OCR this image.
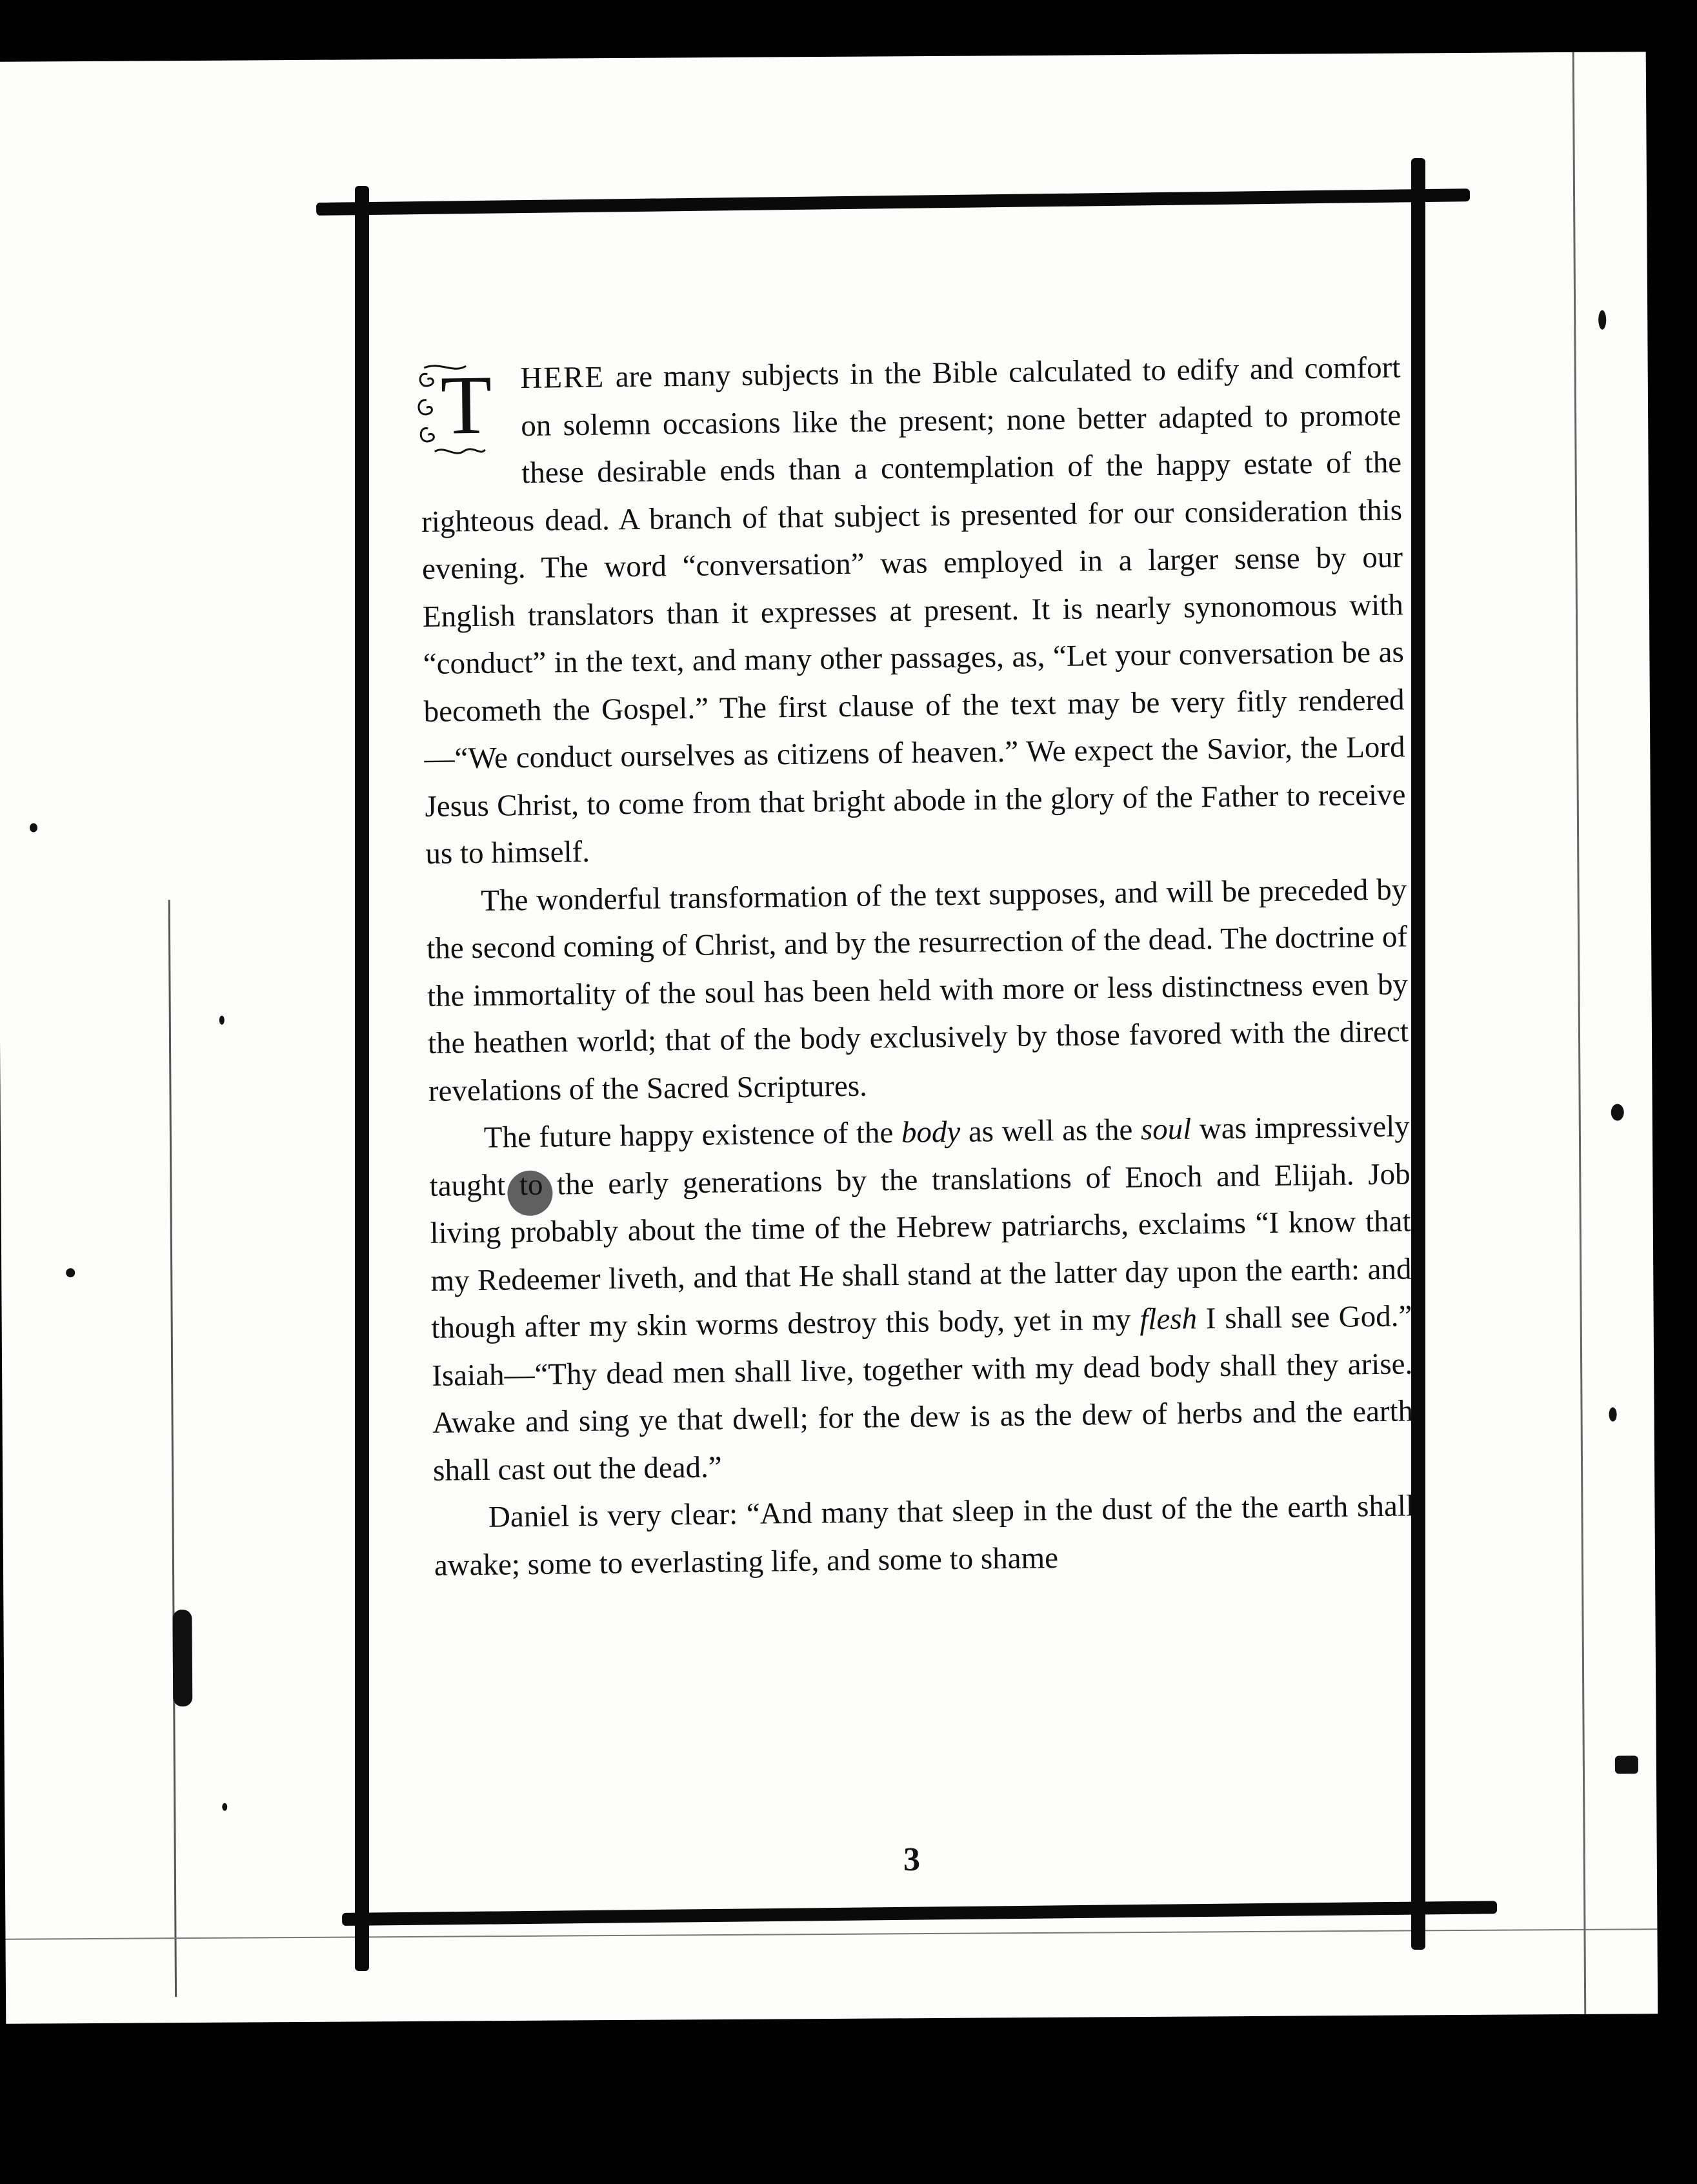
T HERE are many subjects in the Bible calculated to edify and comfort on solemn occasions like the present; none better adapted to promote these desirable ends than a contemplation of the happy estate of the righteous dead. A branch of that subject is presented for our consideration this evening. The word “conversation” was employed in a larger sense by our English translators than it expresses at present. It is nearly synonomous with “conduct” in the text, and many other passages, as, “Let your conversation be as becometh the Gospel.” The first clause of the text may be very fitly rendered—“We conduct ourselves as citizens of heaven.” We expect the Savior, the Lord Jesus Christ, to come from that bright abode in the glory of the Father to receive us to himself.

The wonderful transformation of the text supposes, and will be preceded by the second coming of Christ, and by the resurrection of the dead. The doctrine of the immortality of the soul has been held with more or less distinctness even by the heathen world; that of the body exclusively by those favored with the direct revelations of the Sacred Scriptures.

The future happy existence of the body as well as the soul was impressively taught to the early generations by the translations of Enoch and Elijah. Job living probably about the time of the Hebrew patriarchs, exclaims “I know that my Redeemer liveth, and that He shall stand at the latter day upon the earth: and though after my skin worms destroy this body, yet in my flesh I shall see God.” Isaiah—“Thy dead men shall live, together with my dead body shall they arise. Awake and sing ye that dwell; for the dew is as the dew of herbs and the earth shall cast out the dead.”

Daniel is very clear: “And many that sleep in the dust of the the earth shall awake; some to everlasting life, and some to shame

3
